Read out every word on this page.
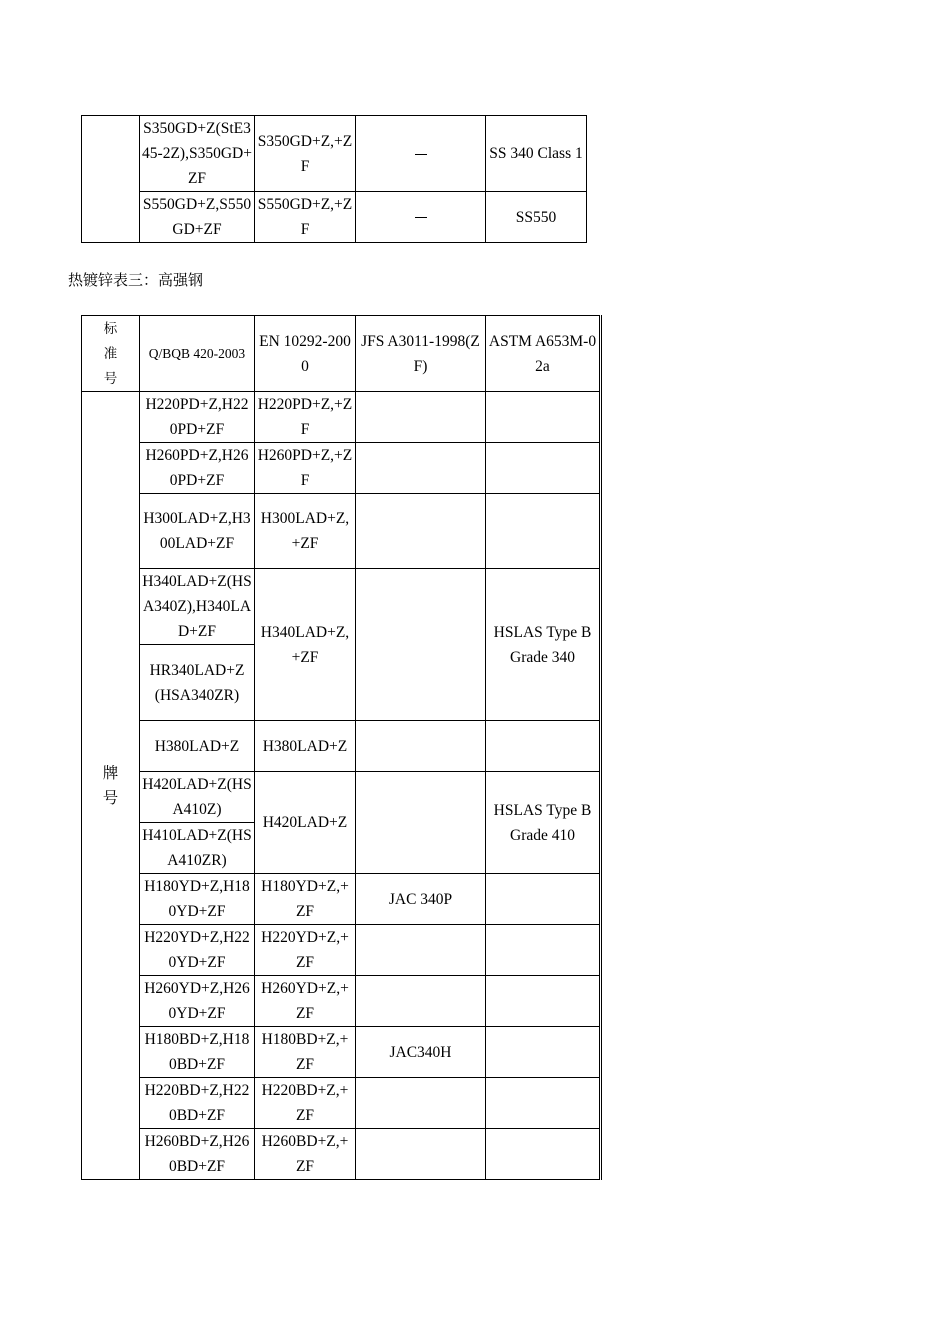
	S350GD+Z(StE345-2Z),S350GD+ZF	S350GD+Z,+ZF		SS 340 Class 1
	S550GD+Z,S550GD+ZF	S550GD+Z,+ZF		SS550
热镀锌表三：高强钢
标准号	Q/BQB 420-2003	EN 10292-2000	JFS A3011-1998(ZF)	ASTM A653M-02a
牌号	H220PD+Z,H220PD+ZF	H220PD+Z,+ZF		
	H260PD+Z,H260PD+ZF	H260PD+Z,+ZF		
	H300LAD+Z,H300LAD+ZF	H300LAD+Z,+ZF		
	H340LAD+Z(HSA340Z),H340LAD+ZF	H340LAD+Z,+ZF		HSLAS Type B Grade 340
	HR340LAD+Z(HSA340ZR)			
	H380LAD+Z	H380LAD+Z		
	H420LAD+Z(HSA410Z)	H420LAD+Z		HSLAS Type B Grade 410
	H410LAD+Z(HSA410ZR)			
	H180YD+Z,H180YD+ZF	H180YD+Z,+ZF	JAC 340P	
	H220YD+Z,H220YD+ZF	H220YD+Z,+ZF		
	H260YD+Z,H260YD+ZF	H260YD+Z,+ZF		
	H180BD+Z,H180BD+ZF	H180BD+Z,+ZF	JAC340H	
	H220BD+Z,H220BD+ZF	H220BD+Z,+ZF		
	H260BD+Z,H260BD+ZF	H260BD+Z,+ZF		
